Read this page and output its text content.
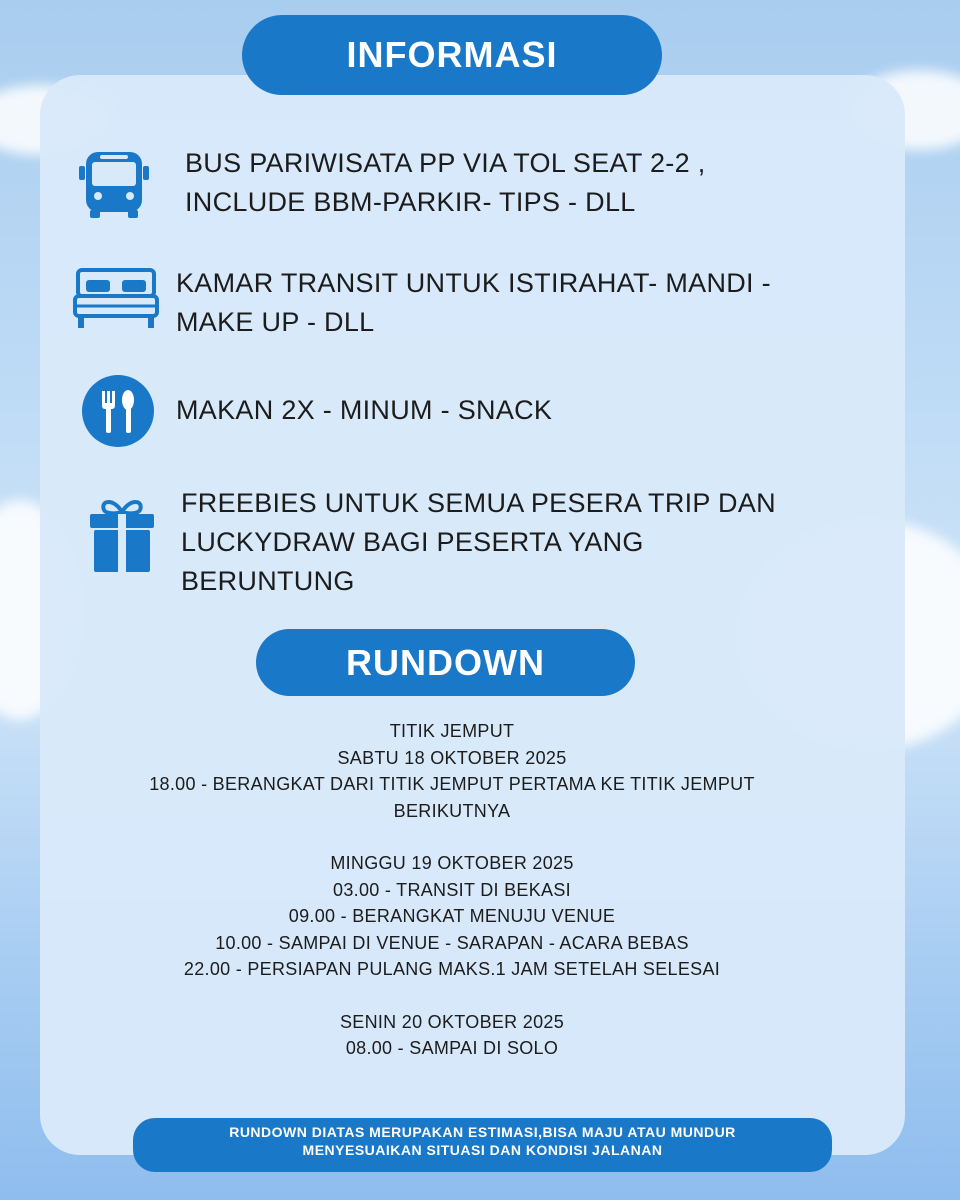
INFORMASI
BUS PARIWISATA PP VIA TOL SEAT 2-2 ,
INCLUDE BBM-PARKIR- TIPS - DLL
KAMAR TRANSIT UNTUK ISTIRAHAT- MANDI -
MAKE UP - DLL
MAKAN 2X - MINUM - SNACK
FREEBIES UNTUK SEMUA PESERA TRIP DAN
LUCKYDRAW BAGI PESERTA YANG
BERUNTUNG
RUNDOWN
TITIK JEMPUT
SABTU 18 OKTOBER 2025
18.00 - BERANGKAT DARI TITIK JEMPUT PERTAMA KE TITIK JEMPUT
BERIKUTNYA
MINGGU 19 OKTOBER 2025
03.00 - TRANSIT DI BEKASI
09.00 - BERANGKAT MENUJU VENUE
10.00 - SAMPAI DI VENUE - SARAPAN - ACARA BEBAS
22.00 - PERSIAPAN PULANG MAKS.1 JAM SETELAH SELESAI
SENIN 20 OKTOBER 2025
08.00 - SAMPAI DI SOLO
RUNDOWN DIATAS MERUPAKAN ESTIMASI,BISA MAJU ATAU MUNDUR
MENYESUAIKAN SITUASI DAN KONDISI JALANAN
